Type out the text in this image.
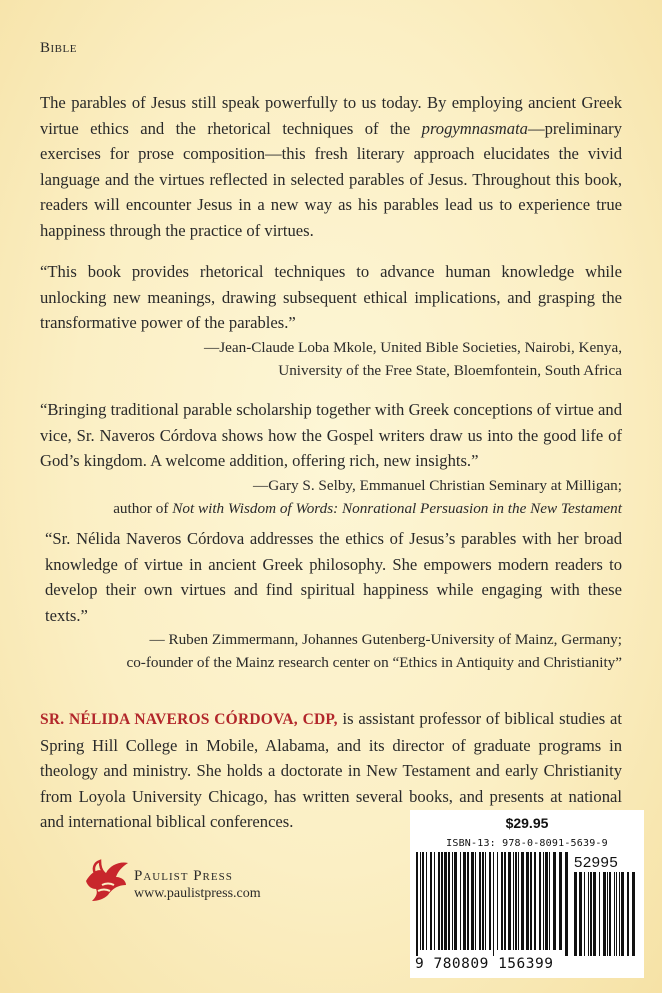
Bible

The parables of Jesus still speak powerfully to us today. By employing ancient Greek virtue ethics and the rhetorical techniques of the progymnasmata—preliminary exercises for prose composition—this fresh literary approach elucidates the vivid language and the virtues reflected in selected parables of Jesus. Throughout this book, readers will encounter Jesus in a new way as his parables lead us to experience true happiness through the practice of virtues.

“This book provides rhetorical techniques to advance human knowledge while unlocking new meanings, drawing subsequent ethical implications, and grasping the transformative power of the parables.”

—Jean-Claude Loba Mkole, United Bible Societies, Nairobi, Kenya,

University of the Free State, Bloemfontein, South Africa

“Bringing traditional parable scholarship together with Greek conceptions of virtue and vice, Sr. Naveros Córdova shows how the Gospel writers draw us into the good life of God’s kingdom. A welcome addition, offering rich, new insights.”

—Gary S. Selby, Emmanuel Christian Seminary at Milligan;

author of Not with Wisdom of Words: Nonrational Persuasion in the New Testament

“Sr. Nélida Naveros Córdova addresses the ethics of Jesus’s parables with her broad knowledge of virtue in ancient Greek philosophy. She empowers modern readers to develop their own virtues and find spiritual happiness while engaging with these texts.”

— Ruben Zimmermann, Johannes Gutenberg-University of Mainz, Germany;

co-founder of the Mainz research center on “Ethics in Antiquity and Christianity”

SR. NÉLIDA NAVEROS CÓRDOVA, CDP, is assistant professor of biblical studies at Spring Hill College in Mobile, Alabama, and its director of graduate programs in theology and ministry. She holds a doctorate in New Testament and early Christianity from Loyola University Chicago, has written several books, and presents at national and international biblical conferences.
Paulist Press
www.paulistpress.com
$29.95
ISBN-13: 978-0-8091-5639-9
52995
9 780809 156399
